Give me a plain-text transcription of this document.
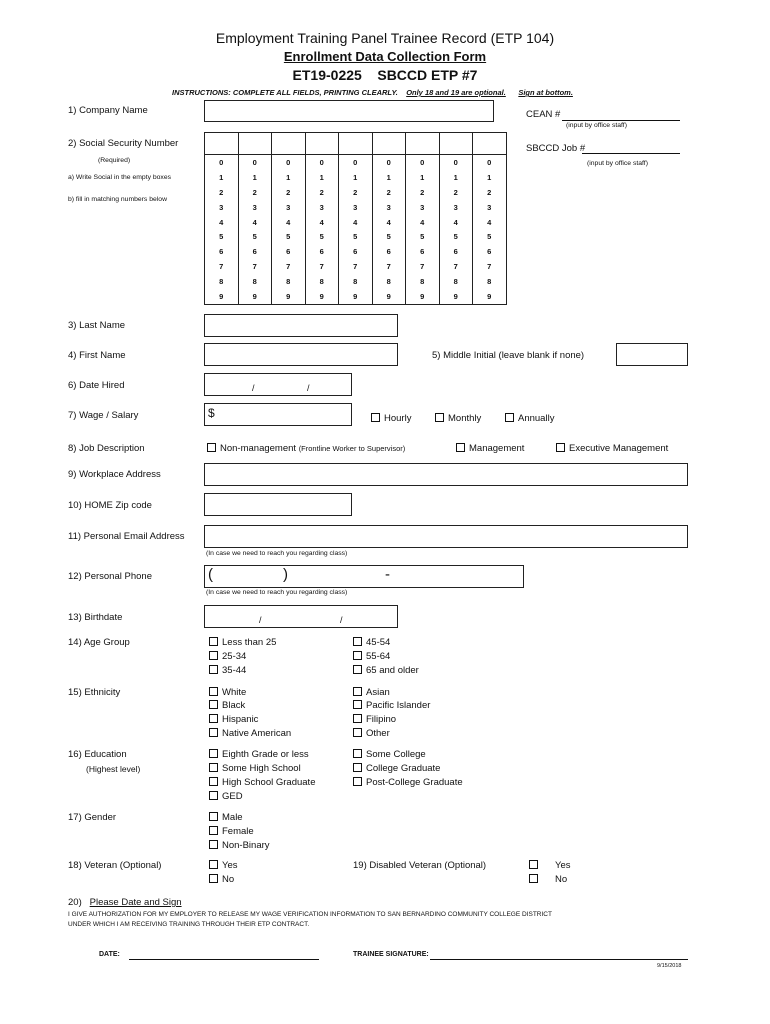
Employment Training Panel Trainee Record (ETP 104)
Enrollment Data Collection Form
ET19-0225    SBCCD ETP #7
INSTRUCTIONS: COMPLETE ALL FIELDS, PRINTING CLEARLY. Only 18 and 19 are optional. Sign at bottom.
1) Company Name	CEAN #
(input by office staff)
SBCCD Job #
(input by office staff)
2) Social Security Number
(Required)
a) Write Social in the empty boxes
b) fill in matching numbers below

0	0	0	0	0	0	0	0	0
1	1	1	1	1	1	1	1	1
2	2	2	2	2	2	2	2	2
3	3	3	3	3	3	3	3	3
4	4	4	4	4	4	4	4	4
5	5	5	5	5	5	5	5	5
6	6	6	6	6	6	6	6	6
7	7	7	7	7	7	7	7	7
8	8	8	8	8	8	8	8	8
9	9	9	9	9	9	9	9	9
3) Last Name
4) First Name	5) Middle Initial (leave blank if none)
6) Date Hired	/	/
7) Wage / Salary	$	Hourly	Monthly	Annually
8) Job Description	Non-management (Frontline Worker to Supervisor)	Management	Executive Management
9) Workplace Address
10) HOME Zip code
11) Personal Email Address
(In case we need to reach you regarding class)
12) Personal Phone	(	)	-
(In case we need to reach you regarding class)
13) Birthdate	/	/
14) Age Group	Less than 25
25-34
35-44
45-54
55-64
65 and older
15) Ethnicity	White
Black
Hispanic
Native American
Asian
Pacific Islander
Filipino
Other
16) Education
(Highest level)
Eighth Grade or less
Some High School
High School Graduate
GED
Some College
College Graduate
Post-College Graduate
17) Gender	Male
Female
Non-Binary
18) Veteran (Optional)	Yes
No
19) Disabled Veteran (Optional)	Yes
No
20) Please Date and Sign
I GIVE AUTHORIZATION FOR MY EMPLOYER TO RELEASE MY WAGE VERIFICATION INFORMATION TO SAN BERNARDINO COMMUNITY COLLEGE DISTRICT
UNDER WHICH I AM RECEIVING TRAINING THROUGH THEIR ETP CONTRACT.
DATE:	TRAINEE SIGNATURE:
9/15/2018
